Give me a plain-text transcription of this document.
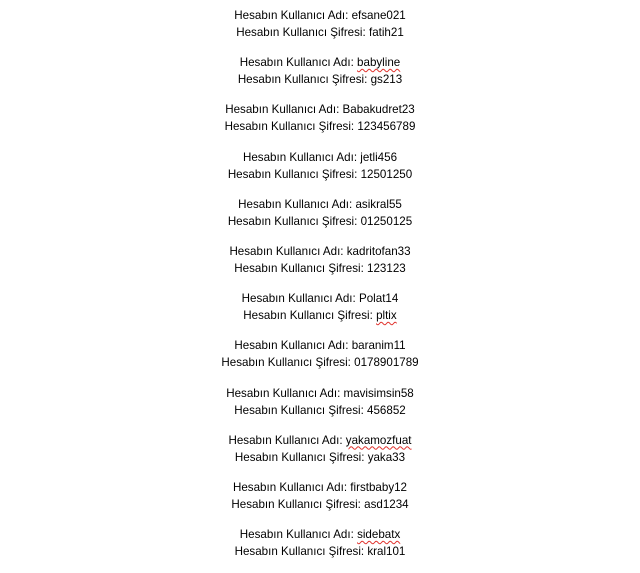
Hesabın Kullanıcı Adı: efsane021
Hesabın Kullanıcı Şifresi: fatih21
Hesabın Kullanıcı Adı: babyline
Hesabın Kullanıcı Şifresi: gs213
Hesabın Kullanıcı Adı: Babakudret23
Hesabın Kullanıcı Şifresi: 123456789
Hesabın Kullanıcı Adı: jetli456
Hesabın Kullanıcı Şifresi: 12501250
Hesabın Kullanıcı Adı: asikral55
Hesabın Kullanıcı Şifresi: 01250125
Hesabın Kullanıcı Adı: kadritofan33
Hesabın Kullanıcı Şifresi: 123123
Hesabın Kullanıcı Adı: Polat14
Hesabın Kullanıcı Şifresi: pltix
Hesabın Kullanıcı Adı: baranim11
Hesabın Kullanıcı Şifresi: 0178901789
Hesabın Kullanıcı Adı: mavisimsin58
Hesabın Kullanıcı Şifresi: 456852
Hesabın Kullanıcı Adı: yakamozfuat
Hesabın Kullanıcı Şifresi: yaka33
Hesabın Kullanıcı Adı: firstbaby12
Hesabın Kullanıcı Şifresi: asd1234
Hesabın Kullanıcı Adı: sidebatx
Hesabın Kullanıcı Şifresi: kral101
